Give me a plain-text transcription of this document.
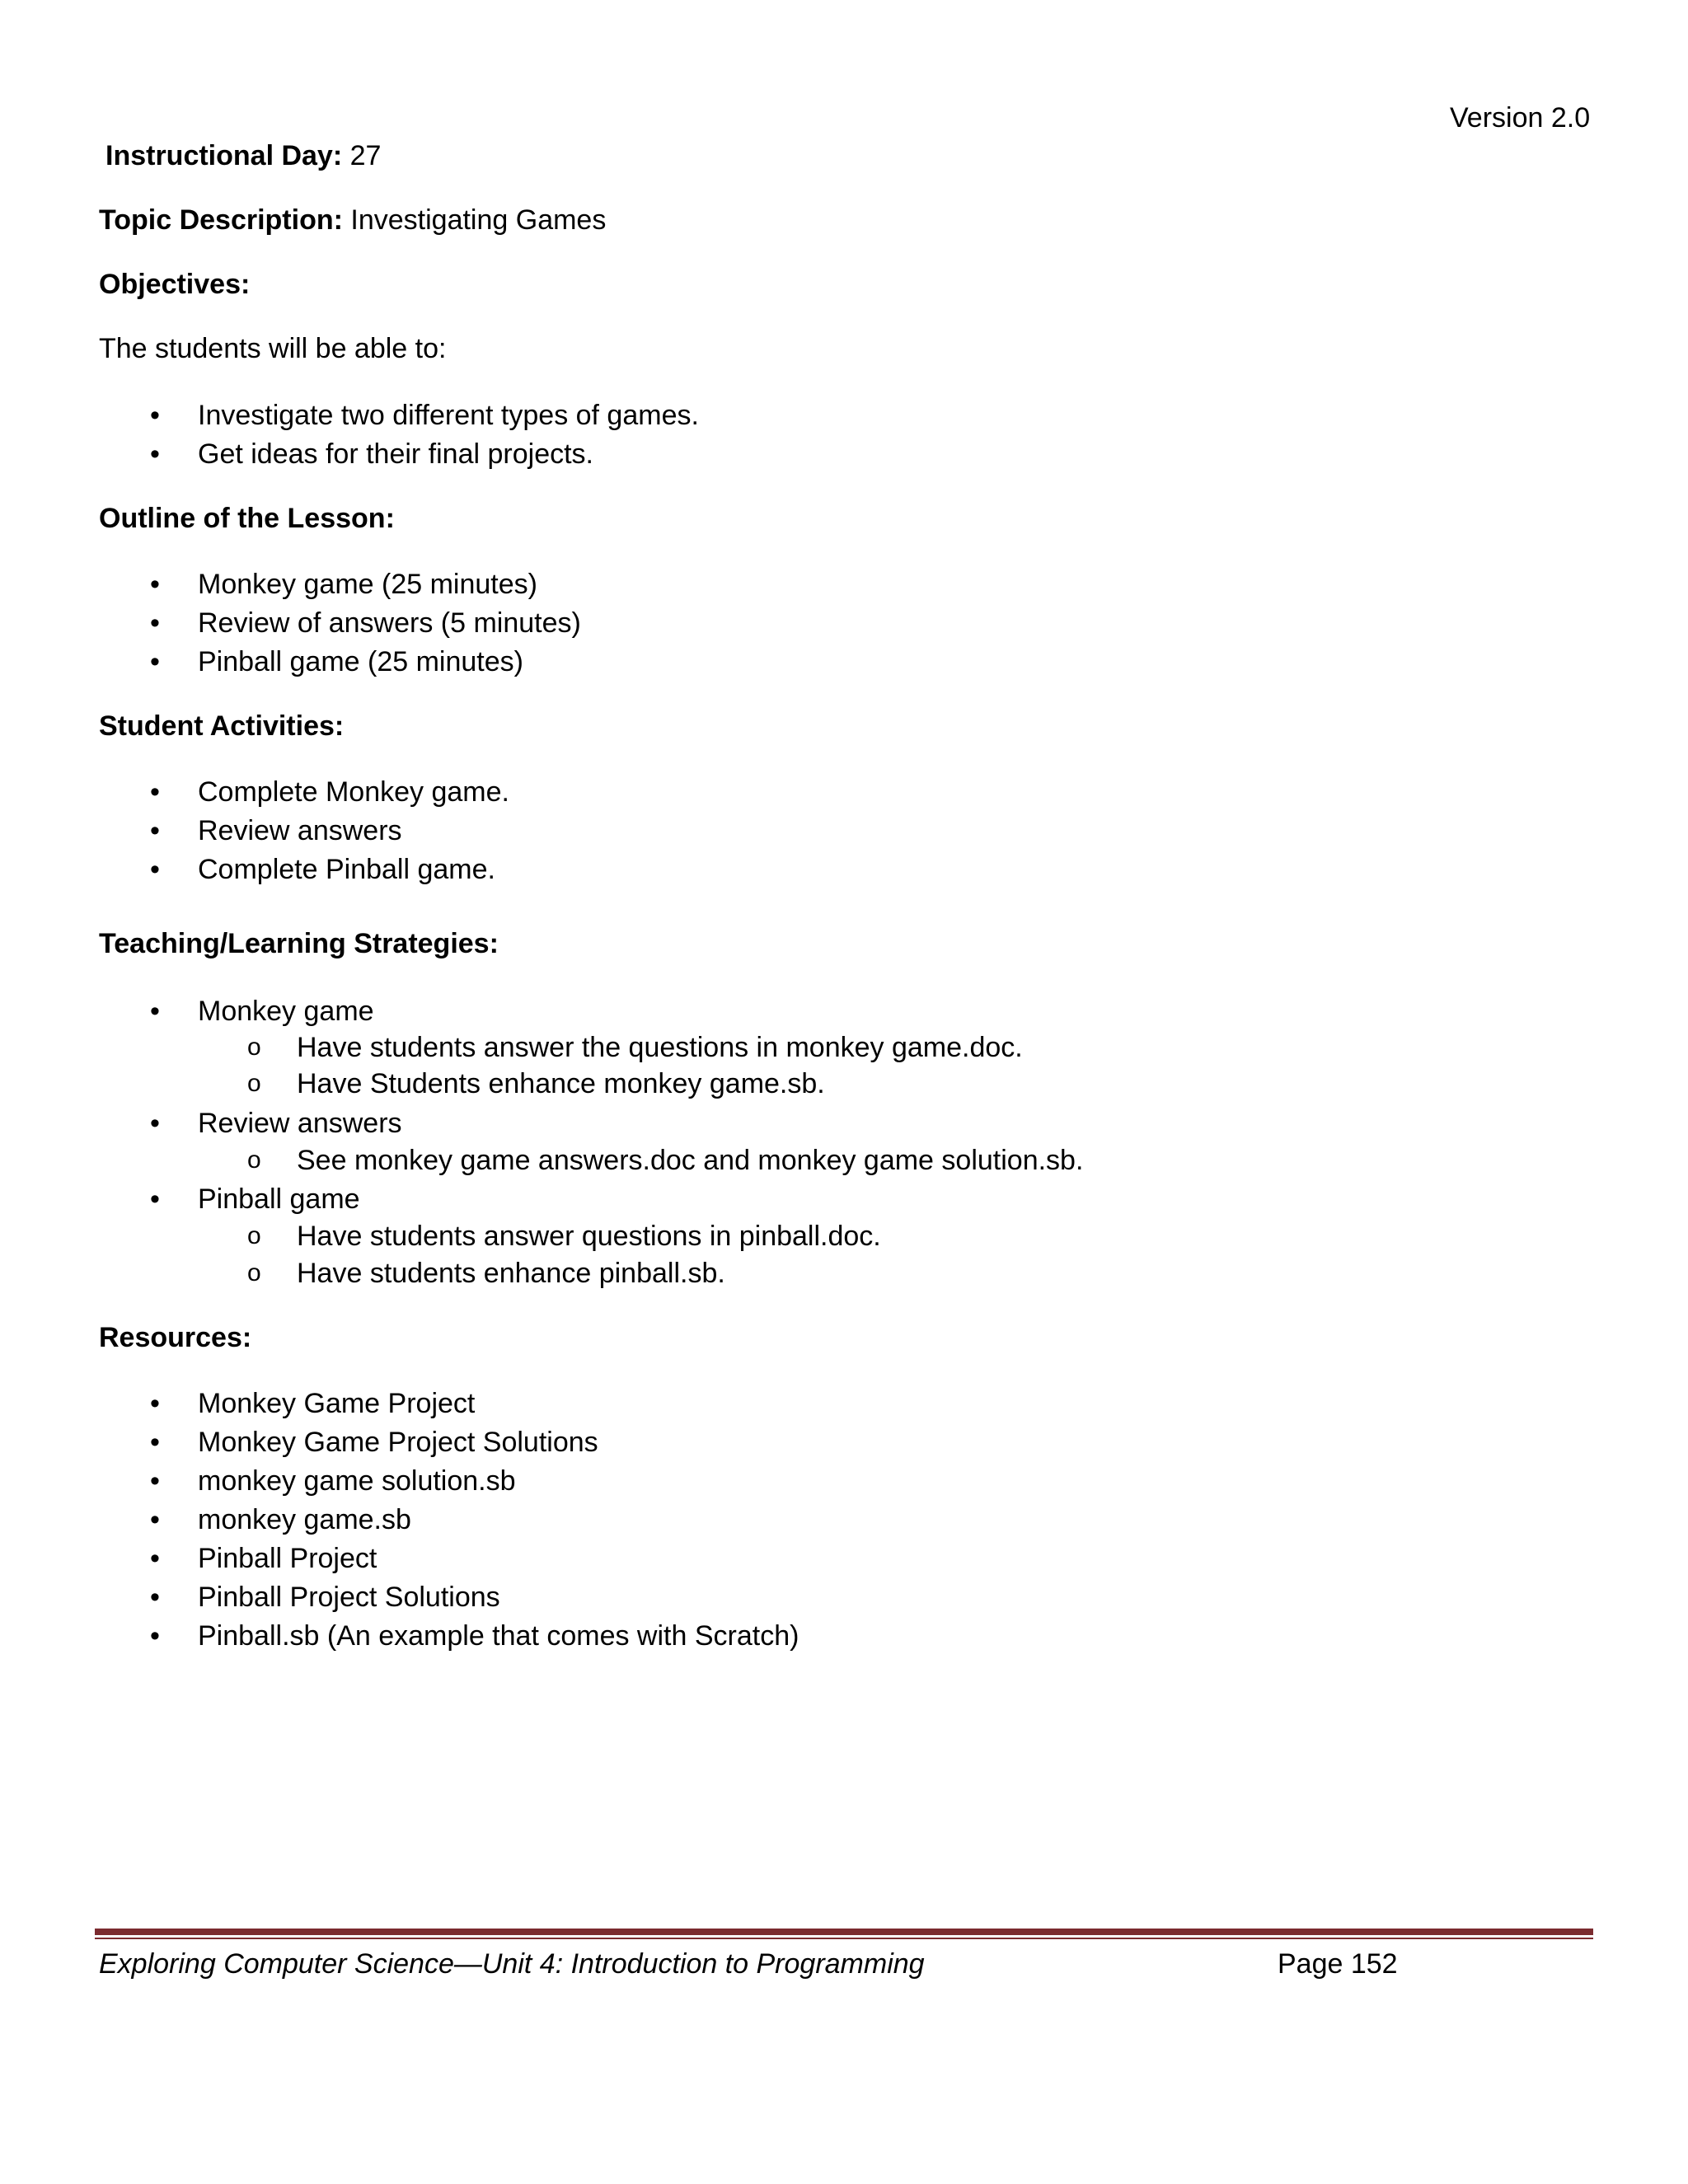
Version 2.0
Instructional Day: 27
Topic Description: Investigating Games
Objectives:
The students will be able to:
• Investigate two different types of games.
• Get ideas for their final projects.
Outline of the Lesson:
• Monkey game (25 minutes)
• Review of answers (5 minutes)
• Pinball game (25 minutes)
Student Activities:
• Complete Monkey game.
• Review answers
• Complete Pinball game.
Teaching/Learning Strategies:
• Monkey game
o Have students answer the questions in monkey game.doc.
o Have Students enhance monkey game.sb.
• Review answers
o See monkey game answers.doc and monkey game solution.sb.
• Pinball game
o Have students answer questions in pinball.doc.
o Have students enhance pinball.sb.
Resources:
• Monkey Game Project
• Monkey Game Project Solutions
• monkey game solution.sb
• monkey game.sb
• Pinball Project
• Pinball Project Solutions
• Pinball.sb (An example that comes with Scratch)
Exploring Computer Science—Unit 4: Introduction to Programming	Page 152
